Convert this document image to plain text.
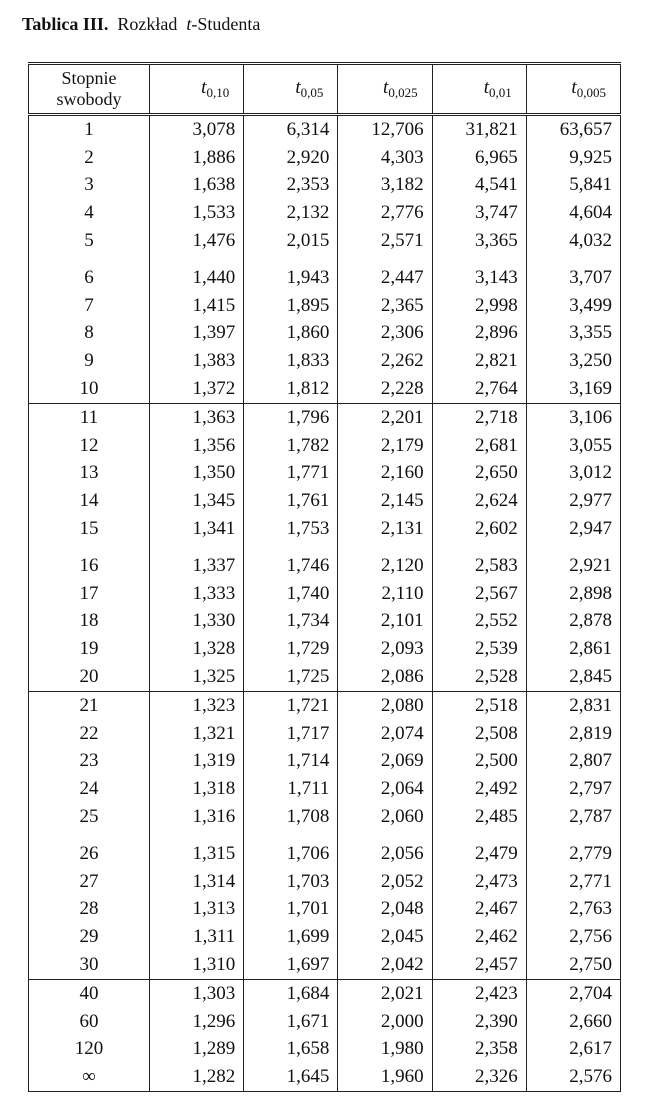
Tablica III. Rozkład t-Studenta
Stopnie
swobody	$t_{0,10}$	$t_{0,05}$	$t_{0,025}$	$t_{0,01}$	$t_{0,005}$
1	3,078	6,314	12,706	31,821	63,657
2	1,886	2,920	4,303	6,965	9,925
3	1,638	2,353	3,182	4,541	5,841
4	1,533	2,132	2,776	3,747	4,604
5	1,476	2,015	2,571	3,365	4,032
6	1,440	1,943	2,447	3,143	3,707
7	1,415	1,895	2,365	2,998	3,499
8	1,397	1,860	2,306	2,896	3,355
9	1,383	1,833	2,262	2,821	3,250
10	1,372	1,812	2,228	2,764	3,169
11	1,363	1,796	2,201	2,718	3,106
12	1,356	1,782	2,179	2,681	3,055
13	1,350	1,771	2,160	2,650	3,012
14	1,345	1,761	2,145	2,624	2,977
15	1,341	1,753	2,131	2,602	2,947
16	1,337	1,746	2,120	2,583	2,921
17	1,333	1,740	2,110	2,567	2,898
18	1,330	1,734	2,101	2,552	2,878
19	1,328	1,729	2,093	2,539	2,861
20	1,325	1,725	2,086	2,528	2,845
21	1,323	1,721	2,080	2,518	2,831
22	1,321	1,717	2,074	2,508	2,819
23	1,319	1,714	2,069	2,500	2,807
24	1,318	1,711	2,064	2,492	2,797
25	1,316	1,708	2,060	2,485	2,787
26	1,315	1,706	2,056	2,479	2,779
27	1,314	1,703	2,052	2,473	2,771
28	1,313	1,701	2,048	2,467	2,763
29	1,311	1,699	2,045	2,462	2,756
30	1,310	1,697	2,042	2,457	2,750
40	1,303	1,684	2,021	2,423	2,704
60	1,296	1,671	2,000	2,390	2,660
120	1,289	1,658	1,980	2,358	2,617
∞	1,282	1,645	1,960	2,326	2,576
